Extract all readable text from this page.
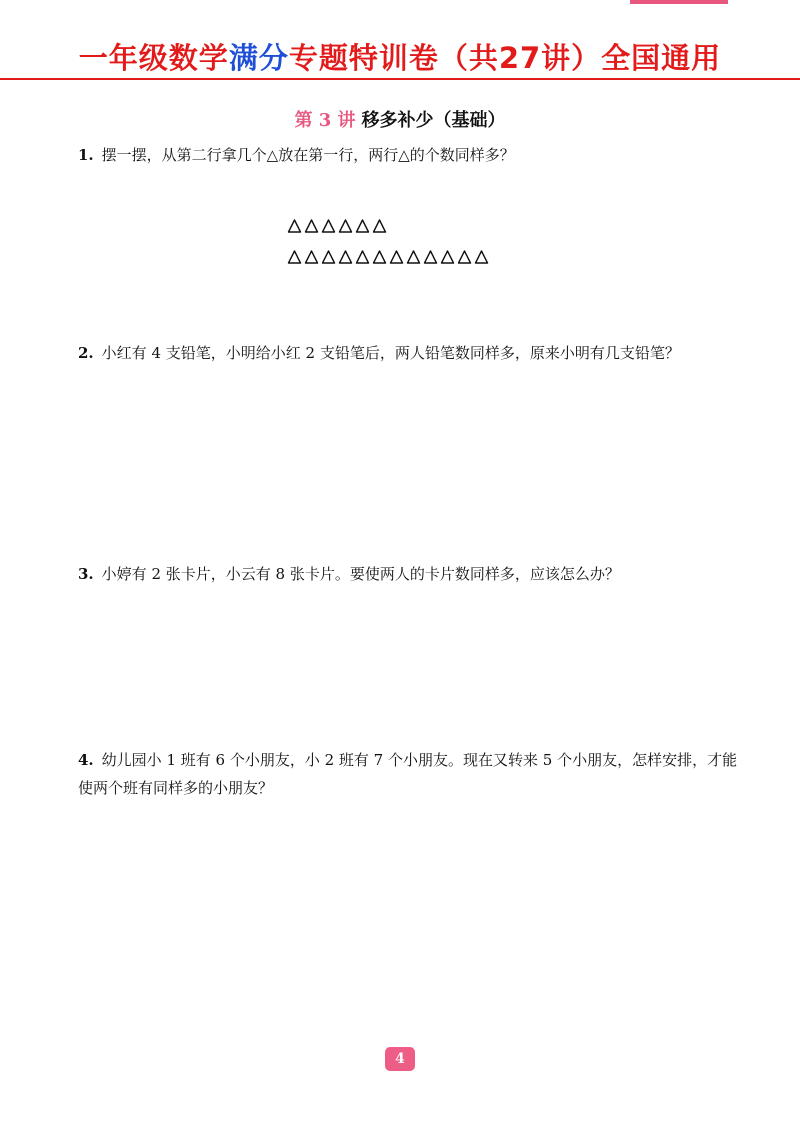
一年级数学满分专题特训卷（共27讲）全国通用
第 3 讲 移多补少（基础）
1. 摆一摆，从第二行拿几个△放在第一行，两行△的个数同样多？
2. 小红有 4 支铅笔，小明给小红 2 支铅笔后，两人铅笔数同样多，原来小明有几支铅笔？
3. 小婷有 2 张卡片，小云有 8 张卡片。要使两人的卡片数同样多，应该怎么办？
4. 幼儿园小 1 班有 6 个小朋友，小 2 班有 7 个小朋友。现在又转来 5 个小朋友，怎样安排，才能使两个班有同样多的小朋友？
4
